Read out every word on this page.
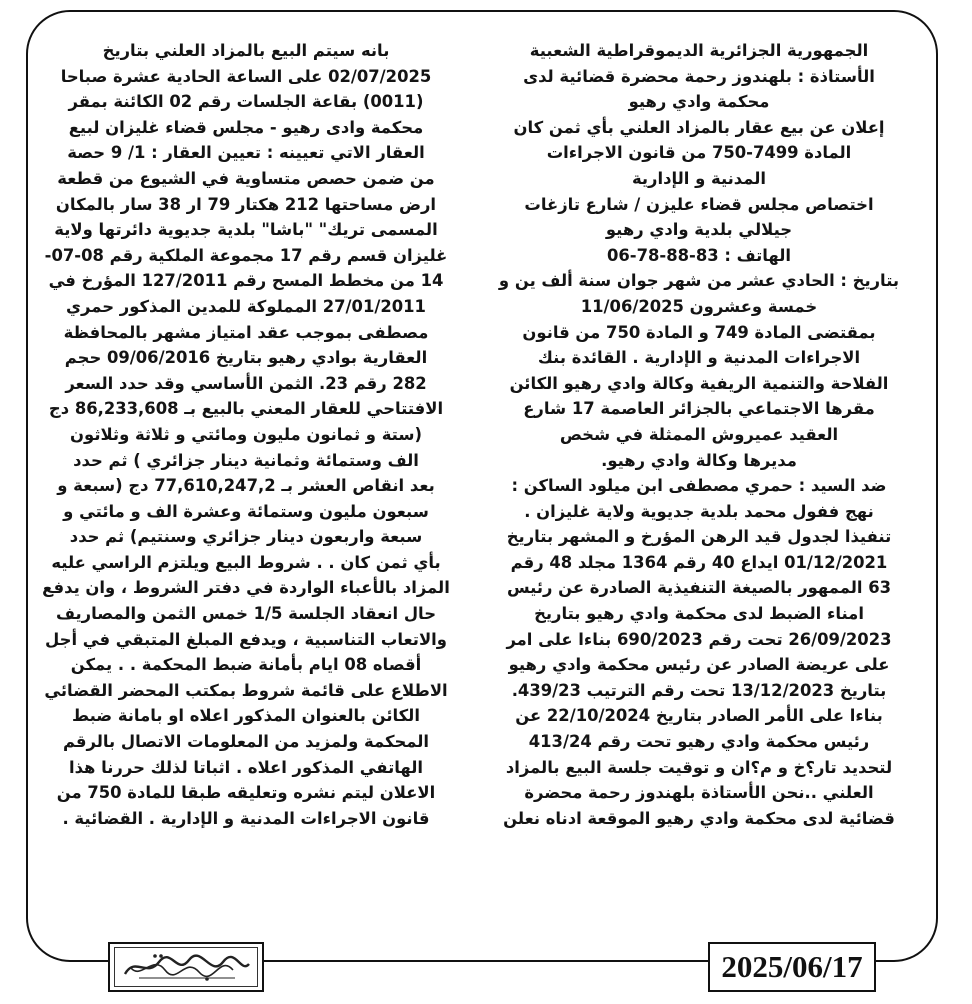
الجمهورية الجزائرية الديموقراطية الشعبية
الأستاذة : بلهندوز رحمة محضرة قضائية لدى
محكمة وادي رهيو
إعلان عن بيع عقار بالمزاد العلني بأي ثمن كان
المادة 7499-750 من قانون الاجراءات
المدنية و الإدارية
اختصاص مجلس قضاء عليزن / شارع تازغات
جيلالي بلدية وادي رهيو
الهاتف : 83-88-78-06
بتاريخ : الحادي عشر من شهر جوان سنة ألف ين و
خمسة وعشرون 11/06/2025
بمقتضى المادة 749 و المادة 750 من قانون
الاجراءات المدنية و الإدارية . القائدة بنك
الفلاحة والتنمية الريفية وكالة وادي رهيو الكائن
مقرها الاجتماعي بالجزائر العاصمة 17 شارع
العقيد عميروش الممثلة في شخص
مديرها وكالة وادي رهيو.
ضد السيد : حمري مصطفى ابن ميلود الساكن :
نهج ففول محمد بلدية جديوية ولاية غليزان .
تنفيذا لجدول قيد الرهن المؤرخ و المشهر بتاريخ
01/12/2021 ايداع 40 رقم 1364 مجلد 48 رقم
63 الممهور بالصيغة التنفيذية الصادرة عن رئيس
امناء الضبط لدى محكمة وادي رهيو بتاريخ
26/09/2023 تحت رقم 690/2023 بناءا على امر
على عريضة الصادر عن رئيس محكمة وادي رهيو
بتاريخ 13/12/2023 تحت رقم الترتيب 439/23.
بناءا على الأمر الصادر بتاريخ 22/10/2024 عن
رئيس محكمة وادي رهيو تحت رقم 413/24
لتحديد تار؟خ و م؟ان و توقيت جلسة البيع بالمزاد
العلني ..نحن الأستاذة بلهندوز رحمة محضرة
قضائية لدى محكمة وادي رهيو الموقعة ادناه نعلن
بانه سيتم البيع بالمزاد العلني بتاريخ
02/07/2025 على الساعة الحادية عشرة صباحا
(0011) بقاعة الجلسات رقم 02 الكائنة بمقر
محكمة وادى رهيو - مجلس قضاء غليزان لبيع
العقار الاتي تعيينه : تعيين العقار : 1/ 9 حصة
من ضمن حصص متساوية في الشيوع من قطعة
ارض مساحتها 212 هكتار 79 ار 38 سار بالمكان
المسمى تريك" "باشا" بلدية جديوية دائرتها ولاية
غليزان قسم رقم 17 مجموعة الملكية رقم 08-07-
14 من مخطط المسح رقم 127/2011 المؤرخ في
27/01/2011 المملوكة للمدين المذكور حمري
مصطفى بموجب عقد امتياز مشهر بالمحافظة
العقارية بوادي رهيو بتاريخ 09/06/2016 حجم
282 رقم 23. الثمن الأساسي وقد حدد السعر
الافتتاحي للعقار المعني بالبيع بـ 86,233,608 دج
(ستة و ثمانون مليون ومائتي و ثلاثة وثلاثون
الف وستمائة وثمانية دينار جزائري ) ثم حدد
بعد انقاص العشر بـ 77,610,247,2 دج (سبعة و
سبعون مليون وستمائة وعشرة الف و مائتي و
سبعة واربعون دينار جزائري وسنتيم) ثم حدد
بأي ثمن كان . . شروط البيع ويلتزم الراسي عليه
المزاد بالأعباء الواردة في دفتر الشروط ، وان يدفع
حال انعقاد الجلسة 1/5 خمس الثمن والمصاريف
والاتعاب التناسبية ، ويدفع المبلغ المتبقي في أجل
أقصاه 08 ايام بأمانة ضبط المحكمة . . يمكن
الاطلاع على قائمة شروط بمكتب المحضر القضائي
الكائن بالعنوان المذكور اعلاه او بامانة ضبط
المحكمة ولمزيد من المعلومات الاتصال بالرقم
الهاتفي المذكور اعلاه . اثباتا لذلك حررنا هذا
الاعلان ليتم نشره وتعليقه طبقا للمادة 750 من
قانون الاجراءات المدنية و الإدارية . القضائية .
2025/06/17
